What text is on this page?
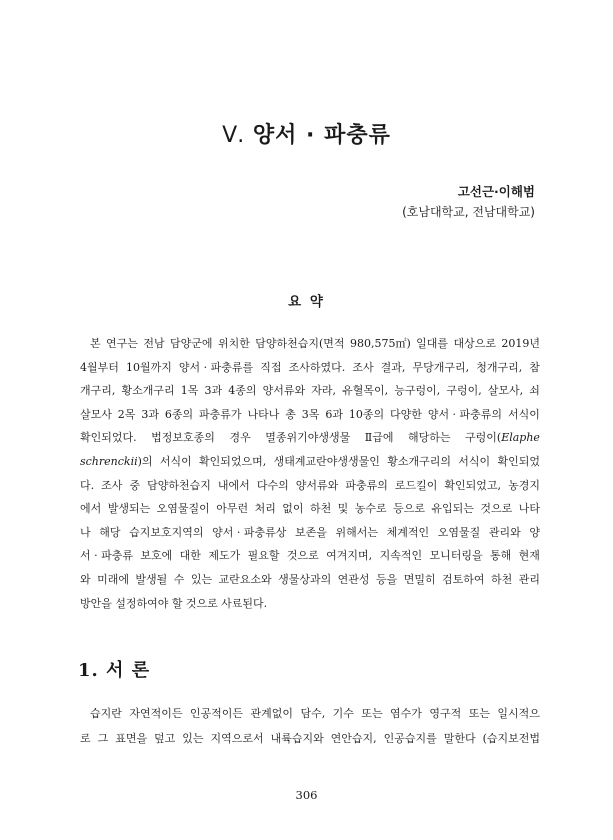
Ⅴ. 양서 · 파충류
고선근·이해범
(호남대학교, 전남대학교)
요 약
본 연구는 전남 담양군에 위치한 담양하천습지(면적 980,575㎡) 일대를 대상으로 2019년
4월부터 10월까지 양서 · 파충류를 직접 조사하였다. 조사 결과, 무당개구리, 청개구리, 참
개구리, 황소개구리 1목 3과 4종의 양서류와 자라, 유혈목이, 능구렁이, 구렁이, 살모사, 쇠
살모사 2목 3과 6종의 파충류가 나타나 총 3목 6과 10종의 다양한 양서 · 파충류의 서식이
확인되었다. 법정보호종의 경우 멸종위기야생생물 Ⅱ급에 해당하는 구렁이(Elaphe
schrenckii)의 서식이 확인되었으며, 생태계교란야생생물인 황소개구리의 서식이 확인되었
다. 조사 중 담양하천습지 내에서 다수의 양서류와 파충류의 로드킬이 확인되었고, 농경지
에서 발생되는 오염물질이 아무런 처리 없이 하천 및 농수로 등으로 유입되는 것으로 나타
나 해당 습지보호지역의 양서 · 파충류상 보존을 위해서는 체계적인 오염물질 관리와 양
서 · 파충류 보호에 대한 제도가 필요할 것으로 여겨지며, 지속적인 모니터링을 통해 현재
와 미래에 발생될 수 있는 교란요소와 생물상과의 연관성 등을 면밀히 검토하여 하천 관리
방안을 설정하여야 할 것으로 사료된다.
1. 서 론
습지란 자연적이든 인공적이든 관계없이 담수, 기수 또는 염수가 영구적 또는 일시적으
로 그 표면을 덮고 있는 지역으로서 내륙습지와 연안습지, 인공습지를 말한다 (습지보전법
306
